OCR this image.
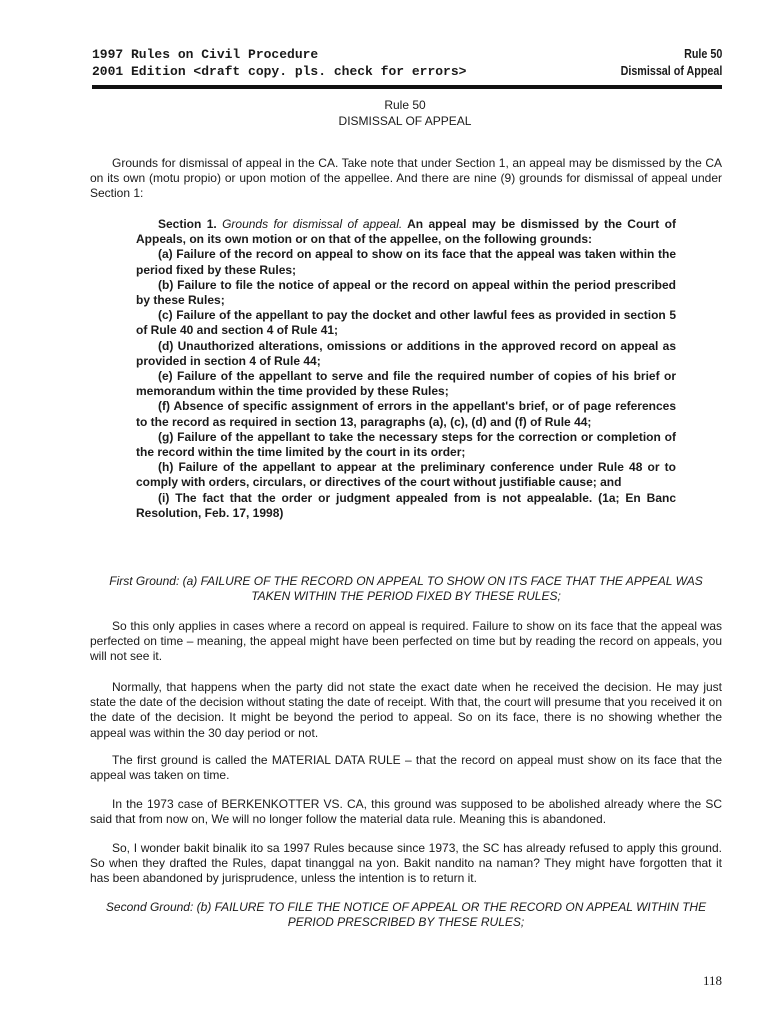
1997 Rules on Civil Procedure
2001 Edition <draft copy. pls. check for errors>
Rule 50
Dismissal of Appeal
Rule 50
DISMISSAL OF APPEAL
Grounds for dismissal of appeal in the CA. Take note that under Section 1, an appeal may be dismissed by the CA on its own (motu propio) or upon motion of the appellee. And there are nine (9) grounds for dismissal of appeal under Section 1:
Section 1. Grounds for dismissal of appeal. An appeal may be dismissed by the Court of Appeals, on its own motion or on that of the appellee, on the following grounds:
(a) Failure of the record on appeal to show on its face that the appeal was taken within the period fixed by these Rules;
(b) Failure to file the notice of appeal or the record on appeal within the period prescribed by these Rules;
(c) Failure of the appellant to pay the docket and other lawful fees as provided in section 5 of Rule 40 and section 4 of Rule 41;
(d) Unauthorized alterations, omissions or additions in the approved record on appeal as provided in section 4 of Rule 44;
(e) Failure of the appellant to serve and file the required number of copies of his brief or memorandum within the time provided by these Rules;
(f) Absence of specific assignment of errors in the appellant's brief, or of page references to the record as required in section 13, paragraphs (a), (c), (d) and (f) of Rule 44;
(g) Failure of the appellant to take the necessary steps for the correction or completion of the record within the time limited by the court in its order;
(h) Failure of the appellant to appear at the preliminary conference under Rule 48 or to comply with orders, circulars, or directives of the court without justifiable cause; and
(i) The fact that the order or judgment appealed from is not appealable. (1a; En Banc Resolution, Feb. 17, 1998)
First Ground: (a) FAILURE OF THE RECORD ON APPEAL TO SHOW ON ITS FACE THAT THE APPEAL WAS TAKEN WITHIN THE PERIOD FIXED BY THESE RULES;
So this only applies in cases where a record on appeal is required. Failure to show on its face that the appeal was perfected on time – meaning, the appeal might have been perfected on time but by reading the record on appeals, you will not see it.
Normally, that happens when the party did not state the exact date when he received the decision. He may just state the date of the decision without stating the date of receipt. With that, the court will presume that you received it on the date of the decision. It might be beyond the period to appeal. So on its face, there is no showing whether the appeal was within the 30 day period or not.
The first ground is called the MATERIAL DATA RULE – that the record on appeal must show on its face that the appeal was taken on time.
In the 1973 case of BERKENKOTTER VS. CA, this ground was supposed to be abolished already where the SC said that from now on, We will no longer follow the material data rule. Meaning this is abandoned.
So, I wonder bakit binalik ito sa 1997 Rules because since 1973, the SC has already refused to apply this ground. So when they drafted the Rules, dapat tinanggal na yon. Bakit nandito na naman? They might have forgotten that it has been abandoned by jurisprudence, unless the intention is to return it.
Second Ground: (b) FAILURE TO FILE THE NOTICE OF APPEAL OR THE RECORD ON APPEAL WITHIN THE PERIOD PRESCRIBED BY THESE RULES;
118
